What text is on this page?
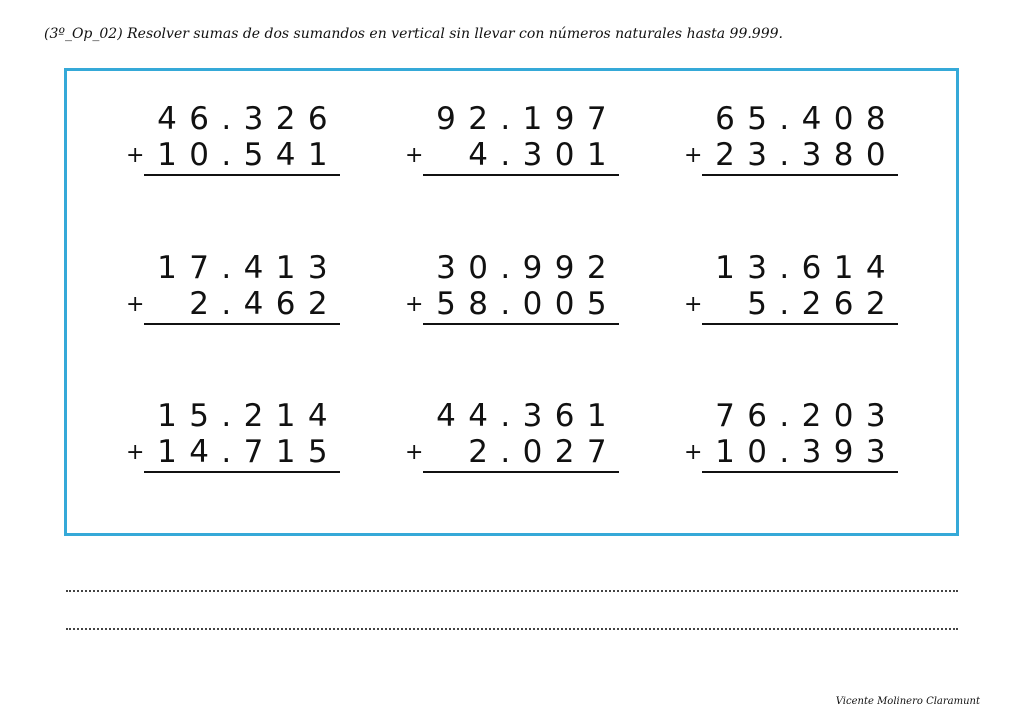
(3º_Op_02) Resolver sumas de dos sumandos en vertical sin llevar con números naturales hasta 99.999.
46.326
+ 10.541
92.197
+ 4.301
65.408
+ 23.380
17.413
+ 2.462
30.992
+ 58.005
13.614
+ 5.262
15.214
+ 14.715
44.361
+ 2.027
76.203
+ 10.393
Vicente Molinero Claramunt
